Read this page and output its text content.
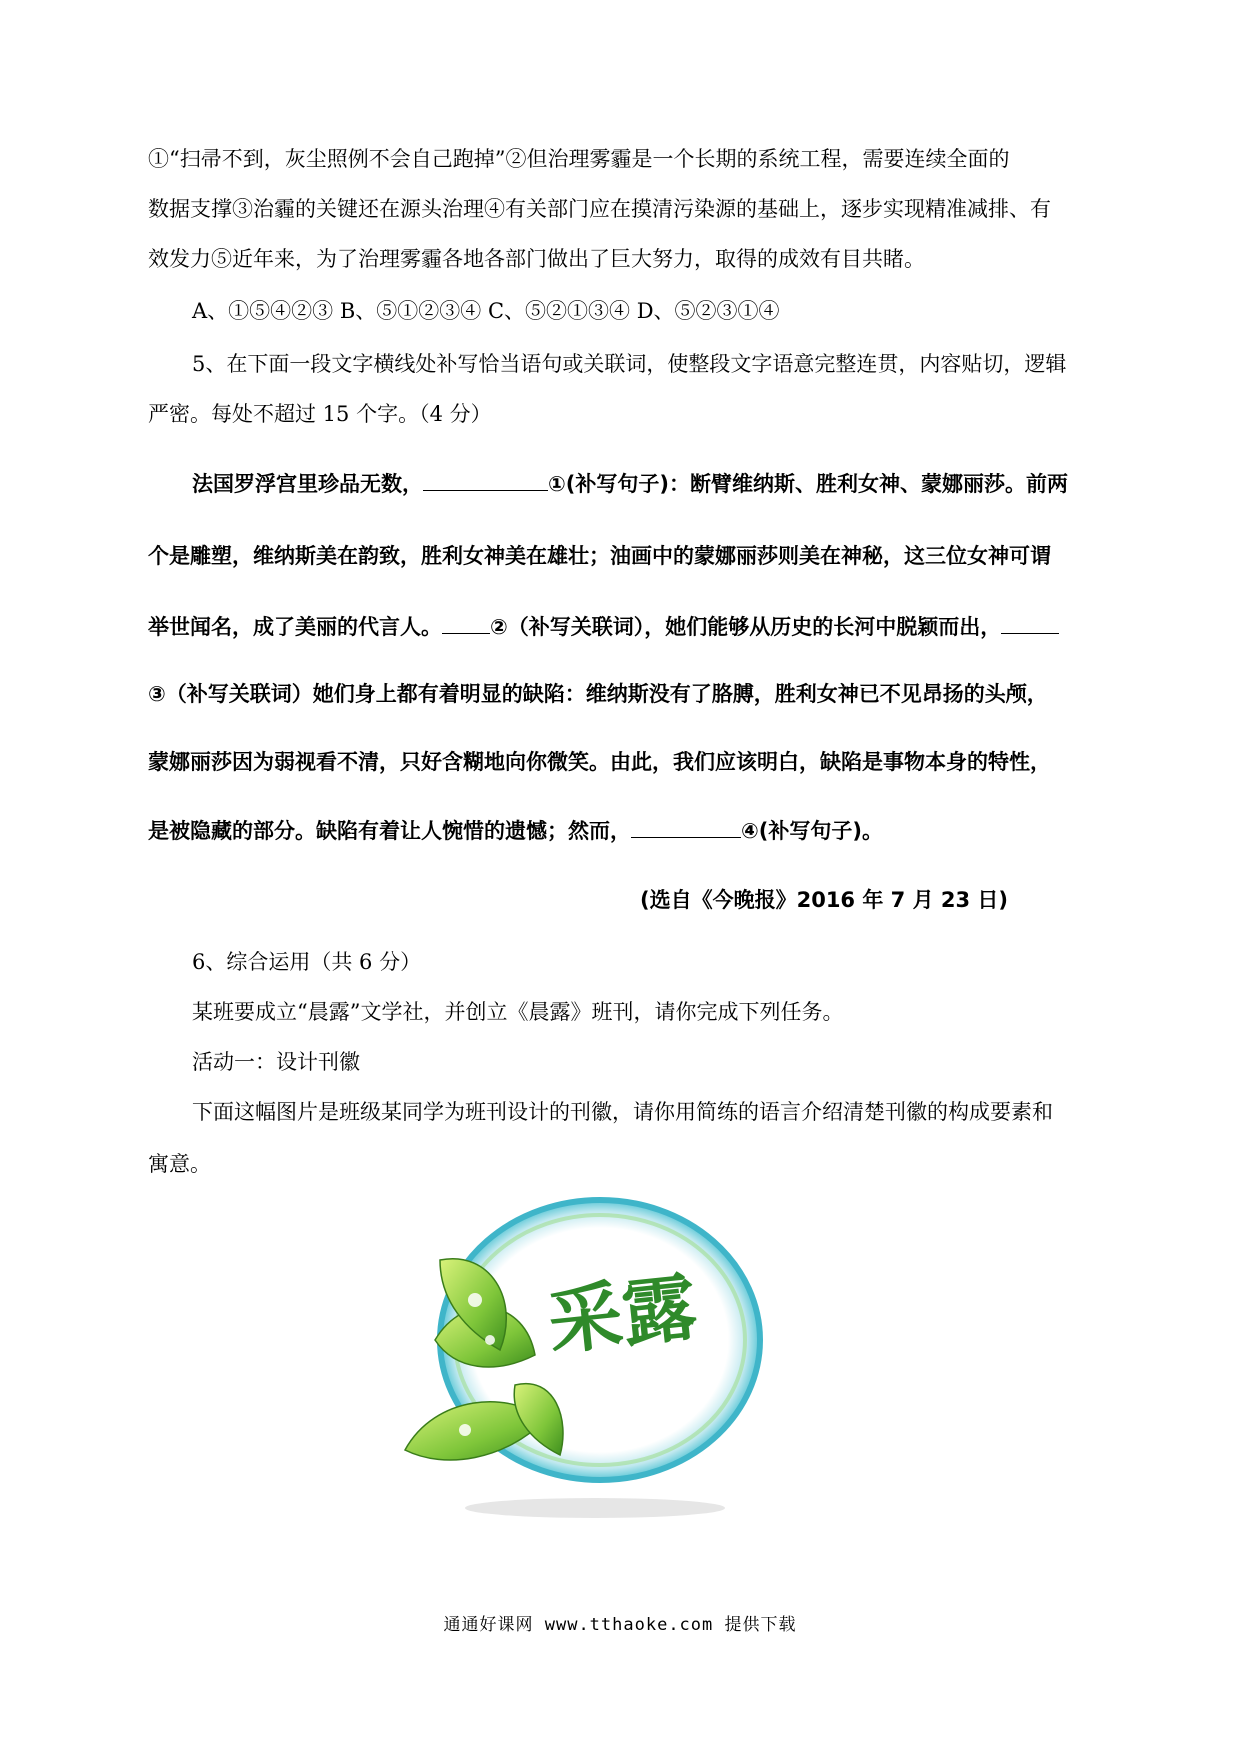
①“扫帚不到，灰尘照例不会自己跑掉”②但治理雾霾是一个长期的系统工程，需要连续全面的
数据支撑③治霾的关键还在源头治理④有关部门应在摸清污染源的基础上，逐步实现精准减排、有
效发力⑤近年来，为了治理雾霾各地各部门做出了巨大努力，取得的成效有目共睹。
A、①⑤④②③ B、⑤①②③④ C、⑤②①③④ D、⑤②③①④
5、在下面一段文字横线处补写恰当语句或关联词，使整段文字语意完整连贯，内容贴切，逻辑
严密。每处不超过 15 个字。（4 分）
法国罗浮宫里珍品无数，	①(补写句子)：断臂维纳斯、胜利女神、蒙娜丽莎。前两
个是雕塑，维纳斯美在韵致，胜利女神美在雄壮；油画中的蒙娜丽莎则美在神秘，这三位女神可谓
举世闻名，成了美丽的代言人。 ②（补写关联词），她们能够从历史的长河中脱颖而出，
③（补写关联词）她们身上都有着明显的缺陷：维纳斯没有了胳膊，胜利女神已不见昂扬的头颅，
蒙娜丽莎因为弱视看不清，只好含糊地向你微笑。由此，我们应该明白，缺陷是事物本身的特性，
是被隐藏的部分。缺陷有着让人惋惜的遗憾；然而，	④(补写句子)。
(选自《今晚报》2016 年 7 月 23 日)
6、综合运用（共 6 分）
某班要成立“晨露”文学社，并创立《晨露》班刊，请你完成下列任务。
活动一：设计刊徽
下面这幅图片是班级某同学为班刊设计的刊徽，请你用简练的语言介绍清楚刊徽的构成要素和
寓意。
采露
通通好课网 www.tthaoke.com 提供下载
